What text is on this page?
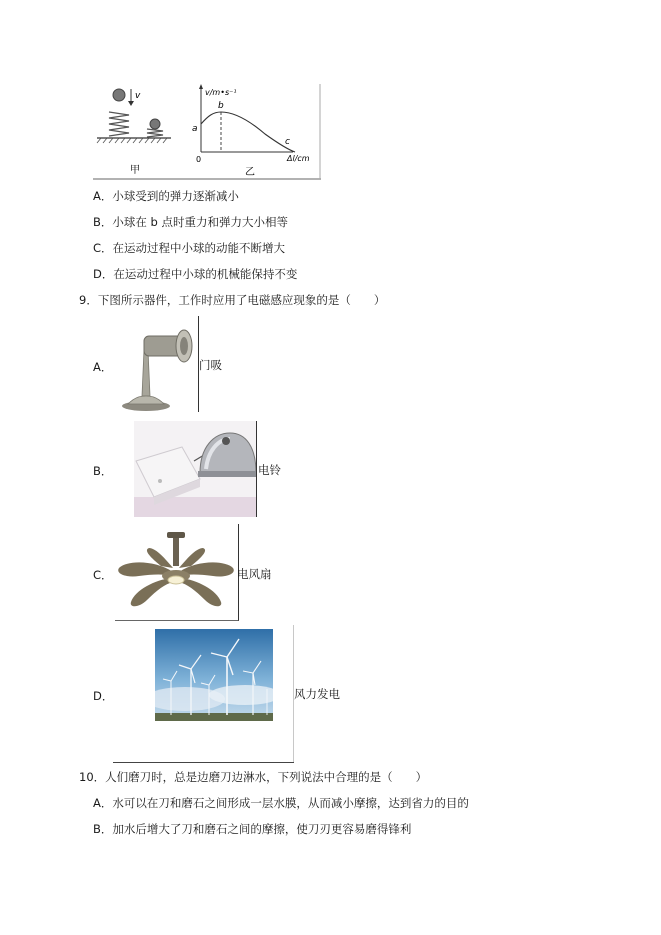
v
甲
v/m•s⁻¹
Δl/cm
0
a
b
c
乙
A．小球受到的弹力逐渐减小
B．小球在 b 点时重力和弹力大小相等
C．在运动过程中小球的动能不断增大
D．在运动过程中小球的机械能保持不变
9．下图所示器件，工作时应用了电磁感应现象的是（　　）
A．	门吸
B．	电铃
C．	电风扇
D．	风力发电
10．人们磨刀时，总是边磨刀边淋水，下列说法中合理的是（　　）
A．水可以在刀和磨石之间形成一层水膜，从而减小摩擦，达到省力的目的
B．加水后增大了刀和磨石之间的摩擦，使刀刃更容易磨得锋利
